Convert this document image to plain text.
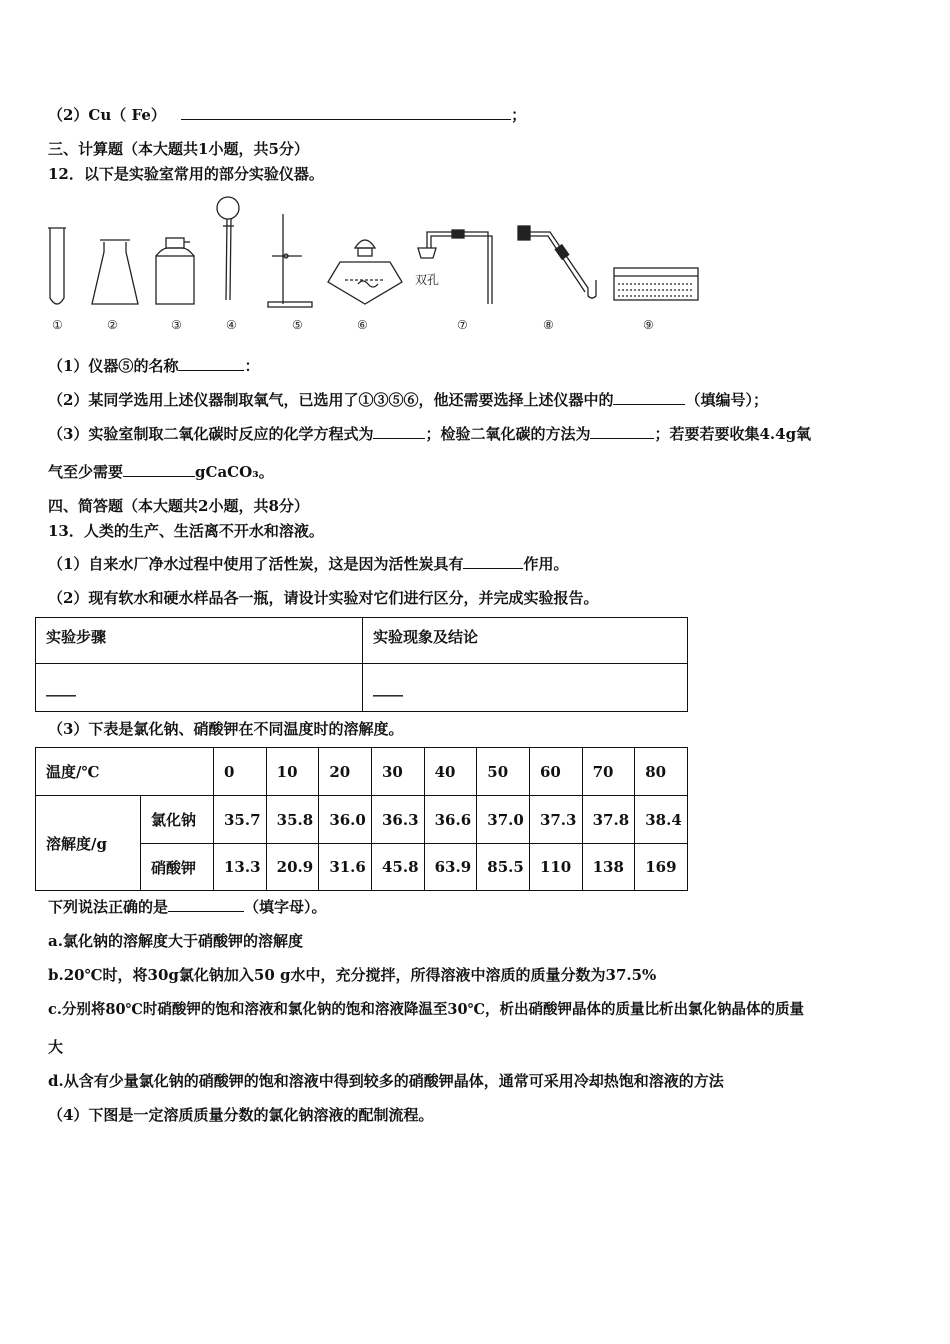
（2）Cu（ Fe）	；
三、计算题（本大题共1小题，共5分）
12．以下是实验室常用的部分实验仪器。
双孔
①	②	③	④	⑤	⑥	⑦	⑧	⑨
（1）仪器⑤的名称	：
（2）某同学选用上述仪器制取氧气，已选用了①③⑤⑥，他还需要选择上述仪器中的	（填编号）；
（3）实验室制取二氧化碳时反应的化学方程式为	；检验二氧化碳的方法为	；若要若要收集4.4g氧
气至少需要	gCaCO₃。
四、简答题（本大题共2小题，共8分）
13．人类的生产、生活离不开水和溶液。
（1）自来水厂净水过程中使用了活性炭，这是因为活性炭具有	作用。
（2）现有软水和硬水样品各一瓶，请设计实验对它们进行区分，并完成实验报告。
实验步骤	实验现象及结论
____	____
（3）下表是氯化钠、硝酸钾在不同温度时的溶解度。
温度/℃		0	10	20	30	40	50	60	70	80
溶解度/g	氯化钠	35.7	35.8	36.0	36.3	36.6	37.0	37.3	37.8	38.4
	硝酸钾	13.3	20.9	31.6	45.8	63.9	85.5	110	138	169
下列说法正确的是	（填字母）。
a.氯化钠的溶解度大于硝酸钾的溶解度
b.20℃时，将30g氯化钠加入50 g水中，充分搅拌，所得溶液中溶质的质量分数为37.5%
c.分别将80℃时硝酸钾的饱和溶液和氯化钠的饱和溶液降温至30℃，析出硝酸钾晶体的质量比析出氯化钠晶体的质量
大
d.从含有少量氯化钠的硝酸钾的饱和溶液中得到较多的硝酸钾晶体，通常可采用冷却热饱和溶液的方法
（4）下图是一定溶质质量分数的氯化钠溶液的配制流程。
